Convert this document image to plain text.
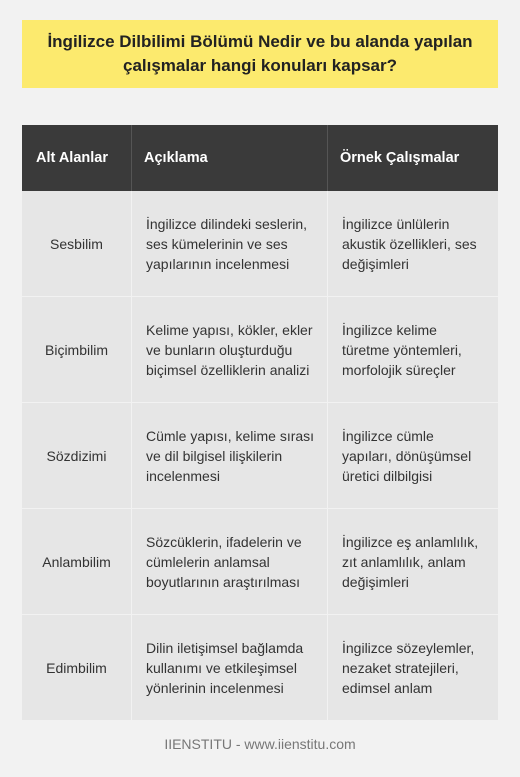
İngilizce Dilbilimi Bölümü Nedir ve bu alanda yapılan çalışmalar hangi konuları kapsar?
Alt Alanlar	Açıklama	Örnek Çalışmalar
Sesbilim
İngilizce dilindeki seslerin, ses kümelerinin ve ses yapılarının incelenmesi
İngilizce ünlülerin akustik özellikleri, ses değişimleri
Biçimbilim
Kelime yapısı, kökler, ekler ve bunların oluşturduğu biçimsel özelliklerin analizi
İngilizce kelime türetme yöntemleri, morfolojik süreçler
Sözdizimi
Cümle yapısı, kelime sırası ve dil bilgisel ilişkilerin incelenmesi
İngilizce cümle yapıları, dönüşümsel üretici dilbilgisi
Anlambilim
Sözcüklerin, ifadelerin ve cümlelerin anlamsal boyutlarının araştırılması
İngilizce eş anlamlılık, zıt anlamlılık, anlam değişimleri
Edimbilim
Dilin iletişimsel bağlamda kullanımı ve etkileşimsel yönlerinin incelenmesi
İngilizce sözeylemler, nezaket stratejileri, edimsel anlam
IIENSTITU - www.iienstitu.com
